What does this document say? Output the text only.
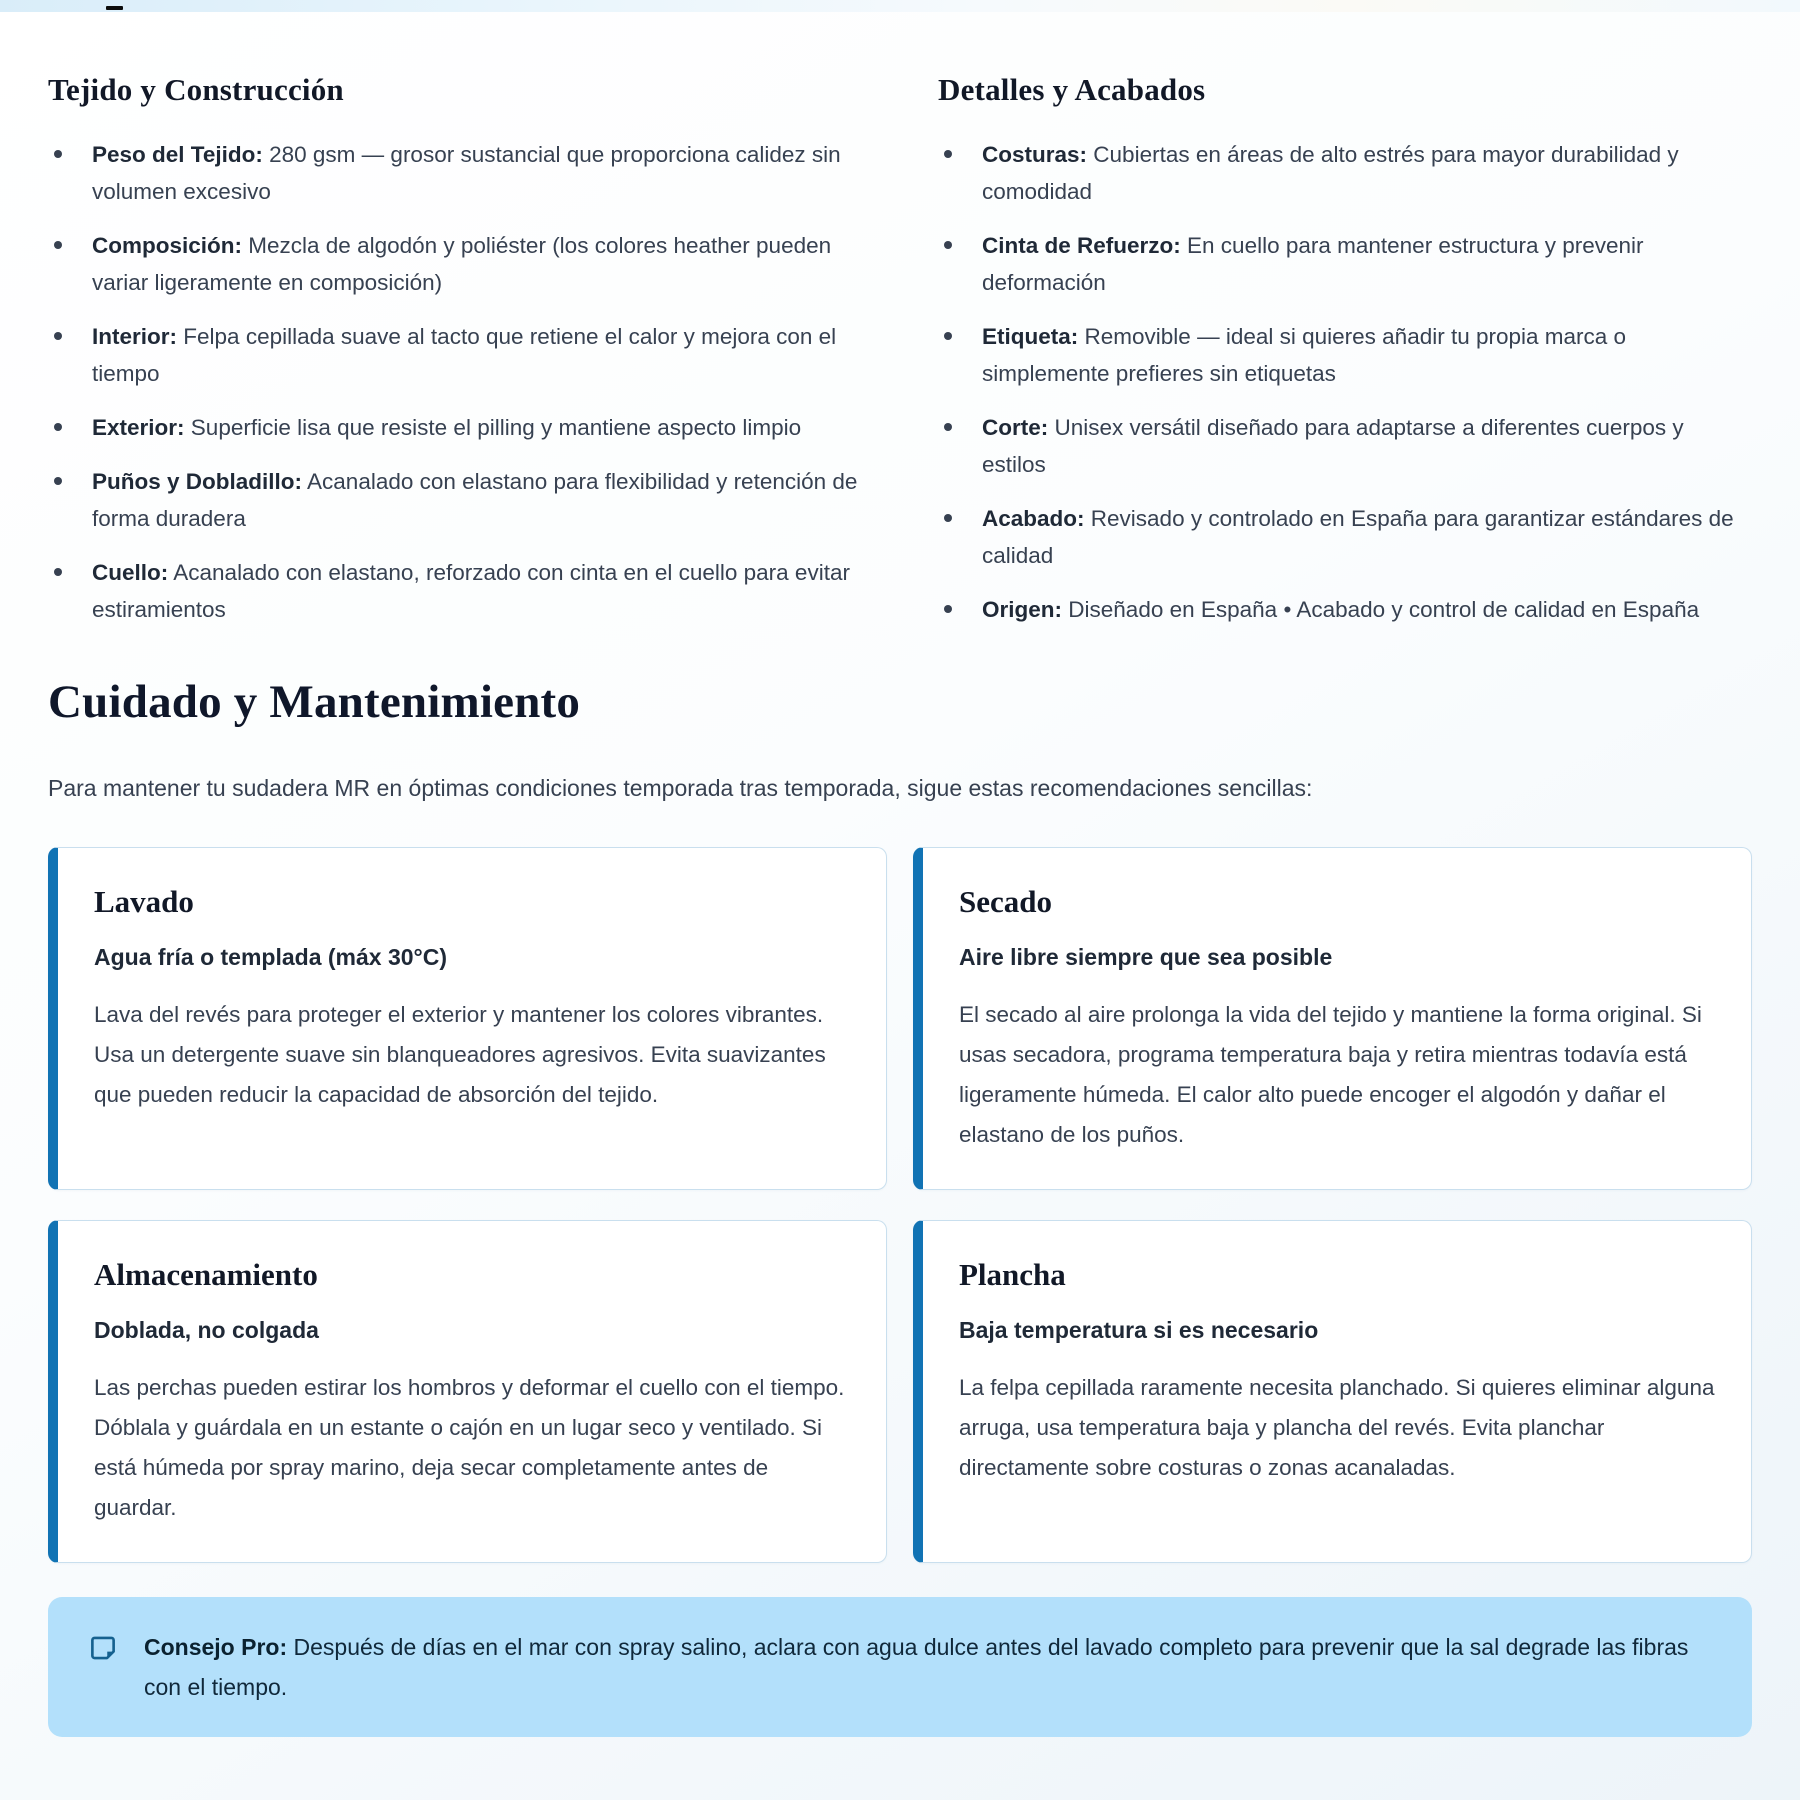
Tejido y Construcción
Peso del Tejido: 280 gsm — grosor sustancial que proporciona calidez sin volumen excesivo
Composición: Mezcla de algodón y poliéster (los colores heather pueden variar ligeramente en composición)
Interior: Felpa cepillada suave al tacto que retiene el calor y mejora con el tiempo
Exterior: Superficie lisa que resiste el pilling y mantiene aspecto limpio
Puños y Dobladillo: Acanalado con elastano para flexibilidad y retención de forma duradera
Cuello: Acanalado con elastano, reforzado con cinta en el cuello para evitar estiramientos
Detalles y Acabados
Costuras: Cubiertas en áreas de alto estrés para mayor durabilidad y comodidad
Cinta de Refuerzo: En cuello para mantener estructura y prevenir deformación
Etiqueta: Removible — ideal si quieres añadir tu propia marca o simplemente prefieres sin etiquetas
Corte: Unisex versátil diseñado para adaptarse a diferentes cuerpos y estilos
Acabado: Revisado y controlado en España para garantizar estándares de calidad
Origen: Diseñado en España • Acabado y control de calidad en España
Cuidado y Mantenimiento

Para mantener tu sudadera MR en óptimas condiciones temporada tras temporada, sigue estas recomendaciones sencillas:

Lavado

Agua fría o templada (máx 30°C)

Lava del revés para proteger el exterior y mantener los colores vibrantes. Usa un detergente suave sin blanqueadores agresivos. Evita suavizantes que pueden reducir la capacidad de absorción del tejido.

Secado

Aire libre siempre que sea posible

El secado al aire prolonga la vida del tejido y mantiene la forma original. Si usas secadora, programa temperatura baja y retira mientras todavía está ligeramente húmeda. El calor alto puede encoger el algodón y dañar el elastano de los puños.

Almacenamiento

Doblada, no colgada

Las perchas pueden estirar los hombros y deformar el cuello con el tiempo. Dóblala y guárdala en un estante o cajón en un lugar seco y ventilado. Si está húmeda por spray marino, deja secar completamente antes de guardar.

Plancha

Baja temperatura si es necesario

La felpa cepillada raramente necesita planchado. Si quieres eliminar alguna arruga, usa temperatura baja y plancha del revés. Evita planchar directamente sobre costuras o zonas acanaladas.

Consejo Pro: Después de días en el mar con spray salino, aclara con agua dulce antes del lavado completo para prevenir que la sal degrade las fibras con el tiempo.
